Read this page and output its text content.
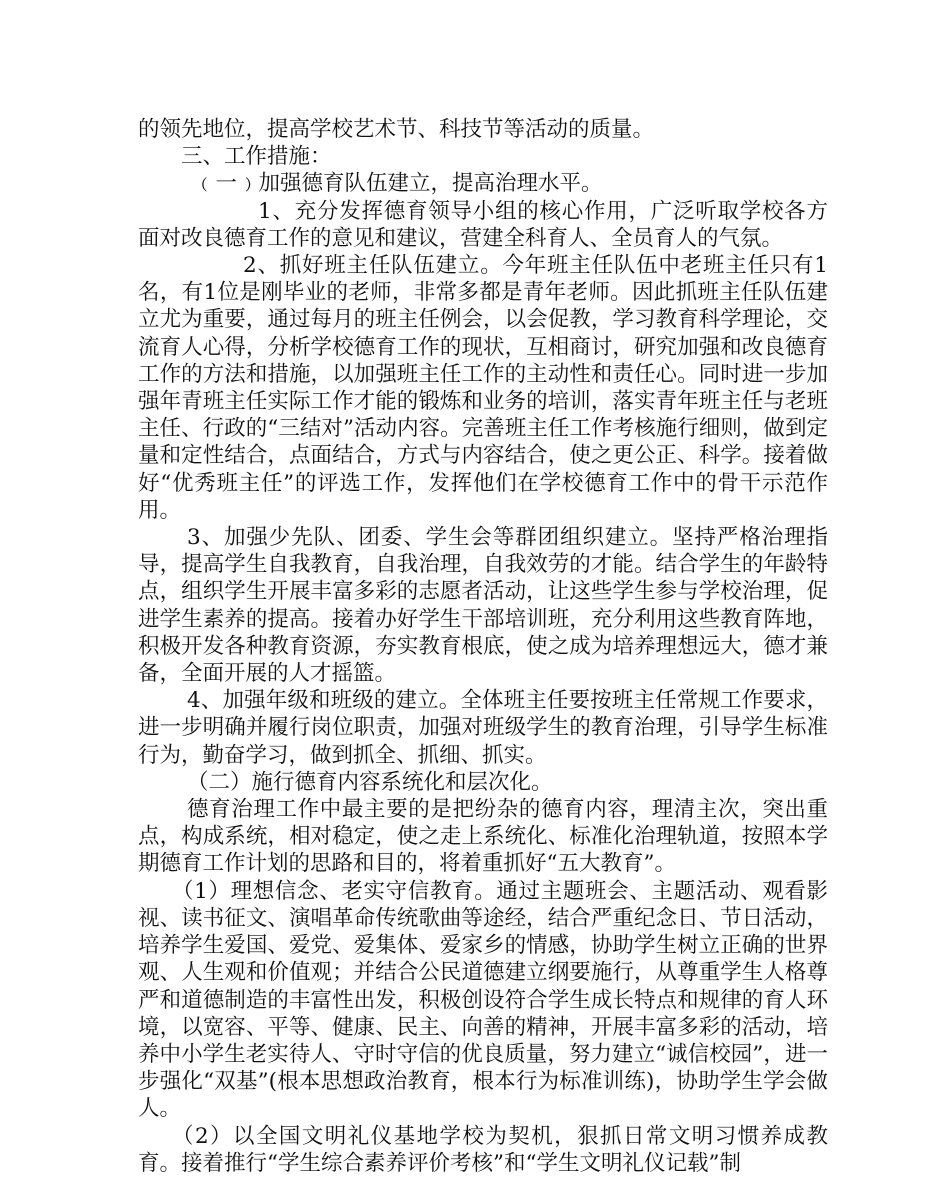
的领先地位，提高学校艺术节、科技节等活动的质量。

三、工作措施：

﹙一﹚加强德育队伍建立，提高治理水平。

1、充分发挥德育领导小组的核心作用，广泛听取学校各方面对改良德育工作的意见和建议，营建全科育人、全员育人的气氛。

2、抓好班主任队伍建立。今年班主任队伍中老班主任只有1名，有1位是刚毕业的老师，非常多都是青年老师。因此抓班主任队伍建立尤为重要，通过每月的班主任例会，以会促教，学习教育科学理论，交流育人心得，分析学校德育工作的现状，互相商讨，研究加强和改良德育工作的方法和措施，以加强班主任工作的主动性和责任心。同时进一步加强年青班主任实际工作才能的锻炼和业务的培训，落实青年班主任与老班主任、行政的“三结对”活动内容。完善班主任工作考核施行细则，做到定量和定性结合，点面结合，方式与内容结合，使之更公正、科学。接着做好“优秀班主任”的评选工作，发挥他们在学校德育工作中的骨干示范作用。

3、加强少先队、团委、学生会等群团组织建立。坚持严格治理指导，提高学生自我教育，自我治理，自我效劳的才能。结合学生的年龄特点，组织学生开展丰富多彩的志愿者活动，让这些学生参与学校治理，促进学生素养的提高。接着办好学生干部培训班，充分利用这些教育阵地，积极开发各种教育资源，夯实教育根底，使之成为培养理想远大，德才兼备，全面开展的人才摇篮。

4、加强年级和班级的建立。全体班主任要按班主任常规工作要求，进一步明确并履行岗位职责，加强对班级学生的教育治理，引导学生标准行为，勤奋学习，做到抓全、抓细、抓实。

（二）施行德育内容系统化和层次化。

德育治理工作中最主要的是把纷杂的德育内容，理清主次，突出重点，构成系统，相对稳定，使之走上系统化、标准化治理轨道，按照本学期德育工作计划的思路和目的，将着重抓好“五大教育”。

（1）理想信念、老实守信教育。通过主题班会、主题活动、观看影视、读书征文、演唱革命传统歌曲等途经，结合严重纪念日、节日活动，培养学生爱国、爱党、爱集体、爱家乡的情感，协助学生树立正确的世界观、人生观和价值观；并结合公民道德建立纲要施行，从尊重学生人格尊严和道德制造的丰富性出发，积极创设符合学生成长特点和规律的育人环境，以宽容、平等、健康、民主、向善的精神，开展丰富多彩的活动，培养中小学生老实待人、守时守信的优良质量，努力建立“诚信校园”，进一步强化“双基”(根本思想政治教育，根本行为标准训练)，协助学生学会做人。

（2）以全国文明礼仪基地学校为契机，狠抓日常文明习惯养成教育。接着推行“学生综合素养评价考核”和“学生文明礼仪记载”制
